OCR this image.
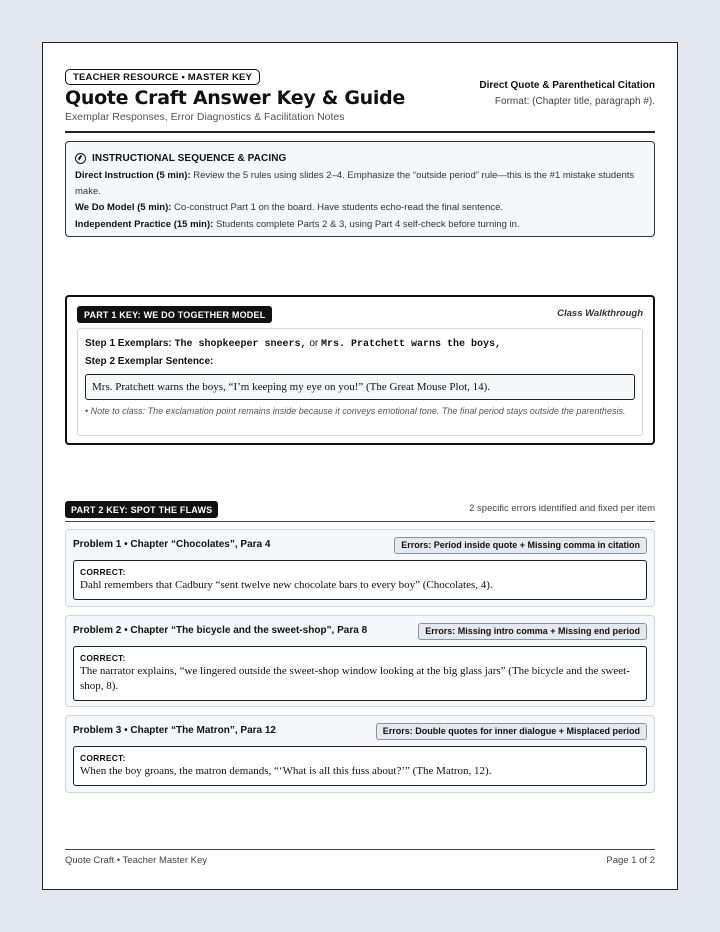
TEACHER RESOURCE • MASTER KEY
Quote Craft Answer Key & Guide
Exemplar Responses, Error Diagnostics & Facilitation Notes
Direct Quote & Parenthetical Citation
Format: (Chapter title, paragraph #).
INSTRUCTIONAL SEQUENCE & PACING
Direct Instruction (5 min): Review the 5 rules using slides 2–4. Emphasize the “outside period” rule—this is the #1 mistake students make.
We Do Model (5 min): Co-construct Part 1 on the board. Have students echo-read the final sentence.
Independent Practice (15 min): Students complete Parts 2 & 3, using Part 4 self-check before turning in.
PART 1 KEY: WE DO TOGETHER MODEL	Class Walkthrough
Step 1 Exemplars: The shopkeeper sneers, or Mrs. Pratchett warns the boys,
Step 2 Exemplar Sentence:
Mrs. Pratchett warns the boys, “I’m keeping my eye on you!” (The Great Mouse Plot, 14).
• Note to class: The exclamation point remains inside because it conveys emotional tone. The final period stays outside the parenthesis.
PART 2 KEY: SPOT THE FLAWS	2 specific errors identified and fixed per item
Problem 1 • Chapter “Chocolates”, Para 4	Errors: Period inside quote + Missing comma in citation
CORRECT:
Dahl remembers that Cadbury “sent twelve new chocolate bars to every boy” (Chocolates, 4).
Problem 2 • Chapter “The bicycle and the sweet-shop”, Para 8	Errors: Missing intro comma + Missing end period
CORRECT:
The narrator explains, “we lingered outside the sweet-shop window looking at the big glass jars” (The bicycle and the sweet-shop, 8).
Problem 3 • Chapter “The Matron”, Para 12	Errors: Double quotes for inner dialogue + Misplaced period
CORRECT:
When the boy groans, the matron demands, “‘What is all this fuss about?’” (The Matron, 12).
Quote Craft • Teacher Master Key	Page 1 of 2
